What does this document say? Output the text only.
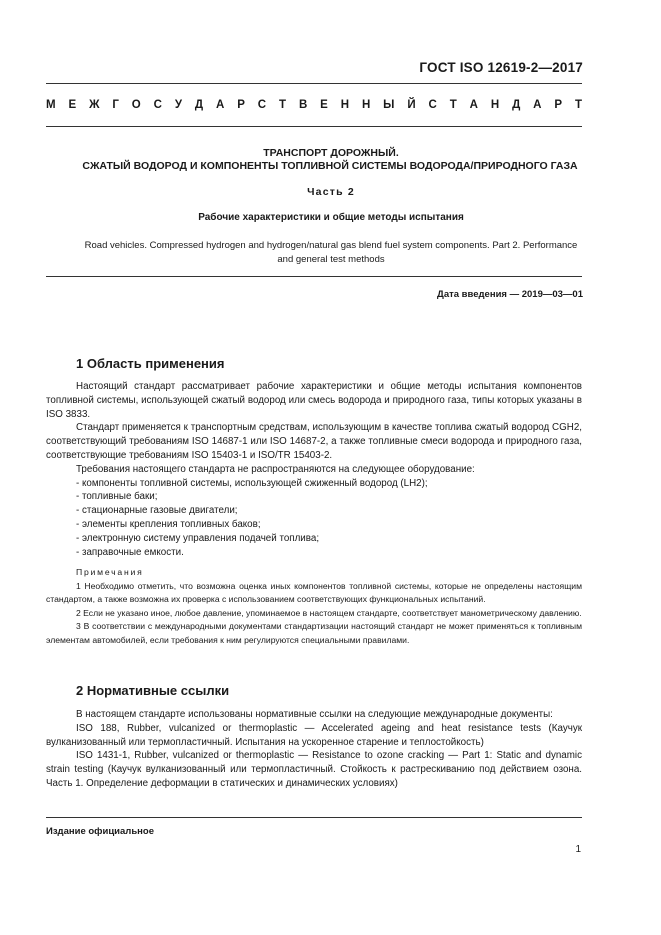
ГОСТ ISO 12619-2—2017
М Е Ж Г О С У Д А Р С Т В Е Н Н Ы Й С Т А Н Д А Р Т
ТРАНСПОРТ ДОРОЖНЫЙ.
СЖАТЫЙ ВОДОРОД И КОМПОНЕНТЫ ТОПЛИВНОЙ СИСТЕМЫ ВОДОРОДА/ПРИРОДНОГО ГАЗА
Часть 2
Рабочие характеристики и общие методы испытания
Road vehicles. Compressed hydrogen and hydrogen/natural gas blend fuel system components. Part 2. Performance
and general test methods
Дата введения — 2019—03—01
1 Область применения

Настоящий стандарт рассматривает рабочие характеристики и общие методы испытания компонентов топливной системы, использующей сжатый водород или смесь водорода и природного газа, типы которых указаны в ISO 3833.

Стандарт применяется к транспортным средствам, использующим в качестве топлива сжатый водород CGH2, соответствующий требованиям ISO 14687-1 или ISO 14687-2, а также топливные смеси водорода и природного газа, соответствующие требованиям ISO 15403-1 и ISO/TR 15403-2.

Требования настоящего стандарта не распространяются на следующее оборудование:

- компоненты топливной системы, использующей сжиженный водород (LH2);
- топливные баки;
- стационарные газовые двигатели;
- элементы крепления топливных баков;
- электронную систему управления подачей топлива;
- заправочные емкости.

Примечания

1 Необходимо отметить, что возможна оценка иных компонентов топливной системы, которые не определены настоящим стандартом, а также возможна их проверка с использованием соответствующих функциональных испытаний.

2 Если не указано иное, любое давление, упоминаемое в настоящем стандарте, соответствует манометрическому давлению.

3 В соответствии с международными документами стандартизации настоящий стандарт не может применяться к топливным элементам автомобилей, если требования к ним регулируются специальными правилами.

2 Нормативные ссылки

В настоящем стандарте использованы нормативные ссылки на следующие международные документы:

ISO 188, Rubber, vulcanized or thermoplastic — Accelerated ageing and heat resistance tests (Каучук вулканизованный или термопластичный. Испытания на ускоренное старение и теплостойкость)

ISO 1431-1, Rubber, vulcanized or thermoplastic — Resistance to ozone cracking — Part 1: Static and dynamic strain testing (Каучук вулканизованный или термопластичный. Стойкость к растрескиванию под действием озона. Часть 1. Определение деформации в статических и динамических условиях)

Издание официальное
1
